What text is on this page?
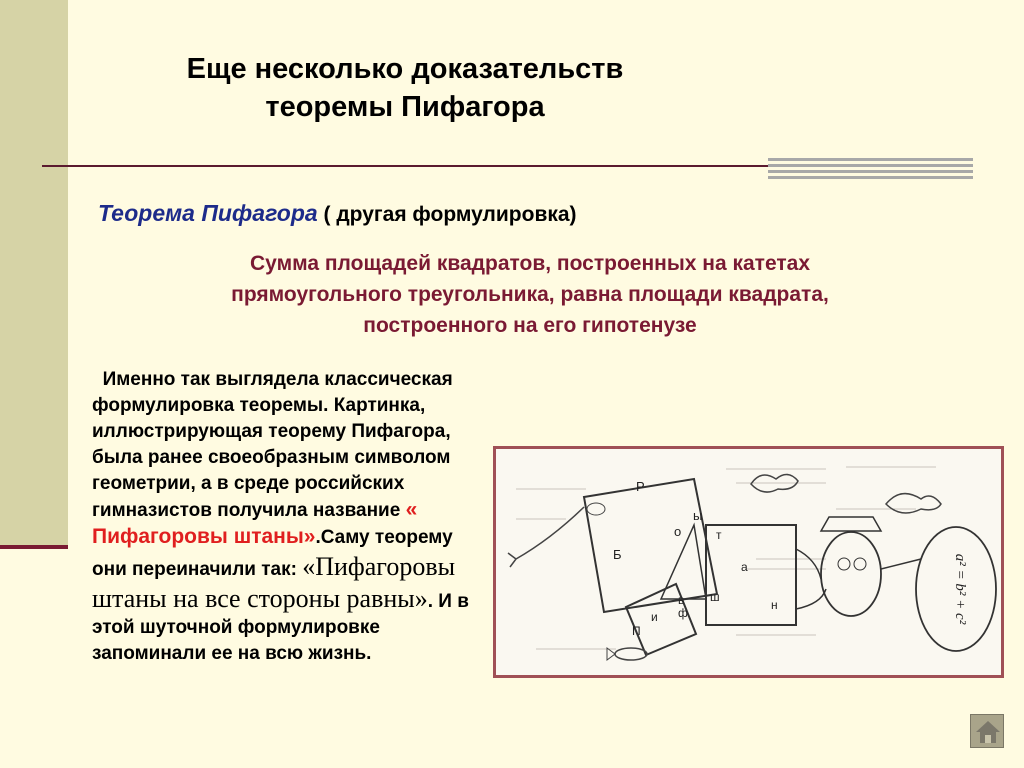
Еще несколько доказательств
теоремы Пифагора
Теорема Пифагора ( другая формулировка)
Сумма площадей квадратов, построенных на катетах
прямоугольного треугольника, равна площади квадрата,
построенного на его гипотенузе
Именно так выглядела классическая формулировка теоремы. Картинка, иллюстрирующая теорему Пифагора, была ранее своеобразным символом геометрии, а в среде российских гимназистов получила название « Пифагоровы штаны».Саму теорему они переиначили так: «Пифагоровы штаны на все стороны равны». И в этой шуточной формулировке запоминали ее на всю жизнь.
Р
о
Б
ы
т
а
н
ш
П
и ф
в	a² = b² + c²
